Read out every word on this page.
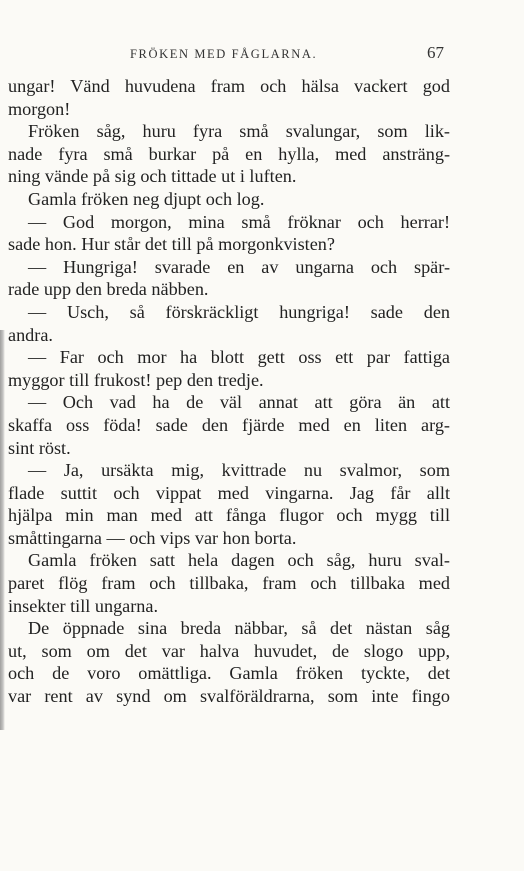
FRÖKEN MED FÅGLARNA.	67
ungar! Vänd huvudena fram och hälsa vackert god
morgon!
Fröken såg, huru fyra små svalungar, som lik-
nade fyra små burkar på en hylla, med ansträng-
ning vände på sig och tittade ut i luften.
Gamla fröken neg djupt och log.
— God morgon, mina små fröknar och herrar!
sade hon. Hur står det till på morgonkvisten?
— Hungriga! svarade en av ungarna och spär-
rade upp den breda näbben.
— Usch, så förskräckligt hungriga! sade den
andra.
— Far och mor ha blott gett oss ett par fattiga
myggor till frukost! pep den tredje.
— Och vad ha de väl annat att göra än att
skaffa oss föda! sade den fjärde med en liten arg-
sint röst.
— Ja, ursäkta mig, kvittrade nu svalmor, som
flade suttit och vippat med vingarna. Jag får allt
hjälpa min man med att fånga flugor och mygg till
småttingarna — och vips var hon borta.
Gamla fröken satt hela dagen och såg, huru sval-
paret flög fram och tillbaka, fram och tillbaka med
insekter till ungarna.
De öppnade sina breda näbbar, så det nästan såg
ut, som om det var halva huvudet, de slogo upp,
och de voro omättliga. Gamla fröken tyckte, det
var rent av synd om svalföräldrarna, som inte fingo
